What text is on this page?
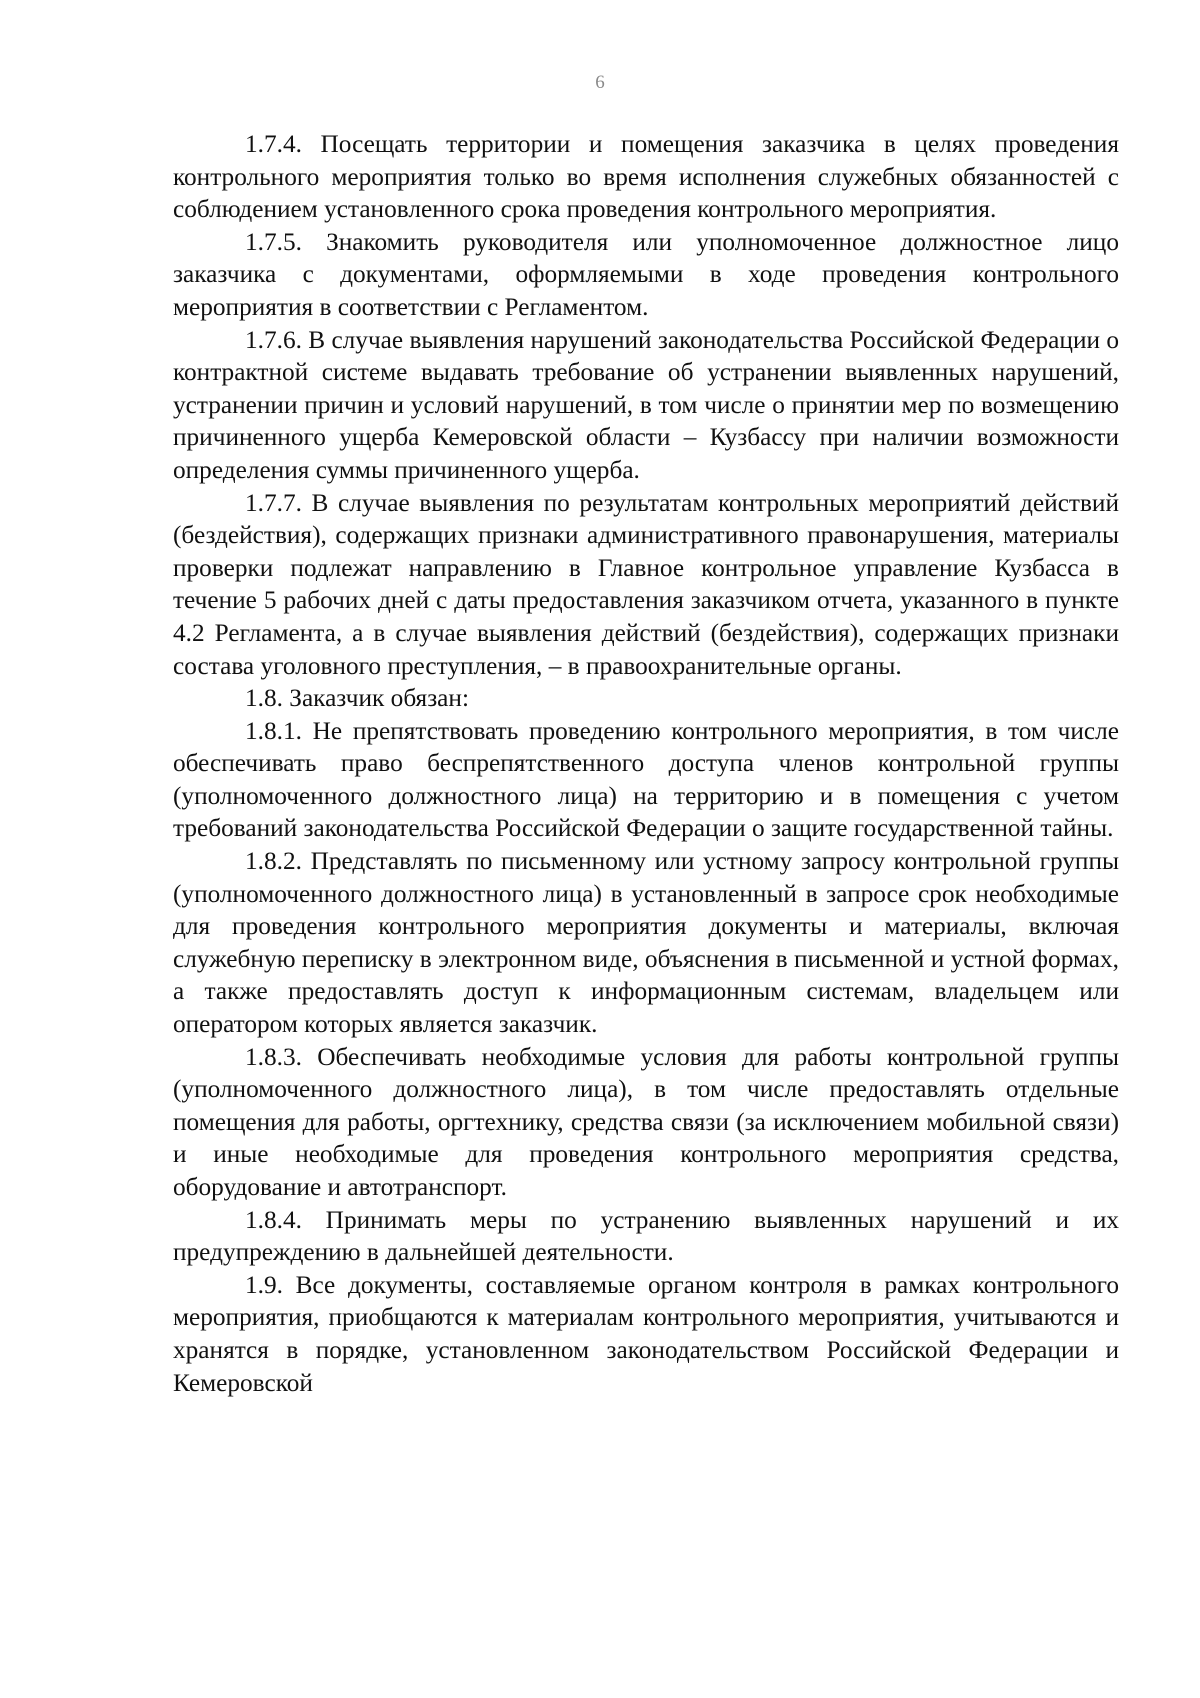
6

1.7.4. Посещать территории и помещения заказчика в целях проведения контрольного мероприятия только во время исполнения служебных обязанностей с соблюдением установленного срока проведения контрольного мероприятия.

1.7.5. Знакомить руководителя или уполномоченное должностное лицо заказчика с документами, оформляемыми в ходе проведения контрольного мероприятия в соответствии с Регламентом.

1.7.6. В случае выявления нарушений законодательства Российской Федерации о контрактной системе выдавать требование об устранении выявленных нарушений, устранении причин и условий нарушений, в том числе о принятии мер по возмещению причиненного ущерба Кемеровской области – Кузбассу при наличии возможности определения суммы причиненного ущерба.

1.7.7. В случае выявления по результатам контрольных мероприятий действий (бездействия), содержащих признаки административного правонарушения, материалы проверки подлежат направлению в Главное контрольное управление Кузбасса в течение 5 рабочих дней с даты предоставления заказчиком отчета, указанного в пункте 4.2 Регламента, а в случае выявления действий (бездействия), содержащих признаки состава уголовного преступления, – в правоохранительные органы.

1.8. Заказчик обязан:

1.8.1. Не препятствовать проведению контрольного мероприятия, в том числе обеспечивать право беспрепятственного доступа членов контрольной группы (уполномоченного должностного лица) на территорию и в помещения с учетом требований законодательства Российской Федерации о защите государственной тайны.

1.8.2. Представлять по письменному или устному запросу контрольной группы (уполномоченного должностного лица) в установленный в запросе срок необходимые для проведения контрольного мероприятия документы и материалы, включая служебную переписку в электронном виде, объяснения в письменной и устной формах, а также предоставлять доступ к информационным системам, владельцем или оператором которых является заказчик.

1.8.3. Обеспечивать необходимые условия для работы контрольной группы (уполномоченного должностного лица), в том числе предоставлять отдельные помещения для работы, оргтехнику, средства связи (за исключением мобильной связи) и иные необходимые для проведения контрольного мероприятия средства, оборудование и автотранспорт.

1.8.4. Принимать меры по устранению выявленных нарушений и их предупреждению в дальнейшей деятельности.

1.9. Все документы, составляемые органом контроля в рамках контрольного мероприятия, приобщаются к материалам контрольного мероприятия, учитываются и хранятся в порядке, установленном законодательством Российской Федерации и Кемеровской
